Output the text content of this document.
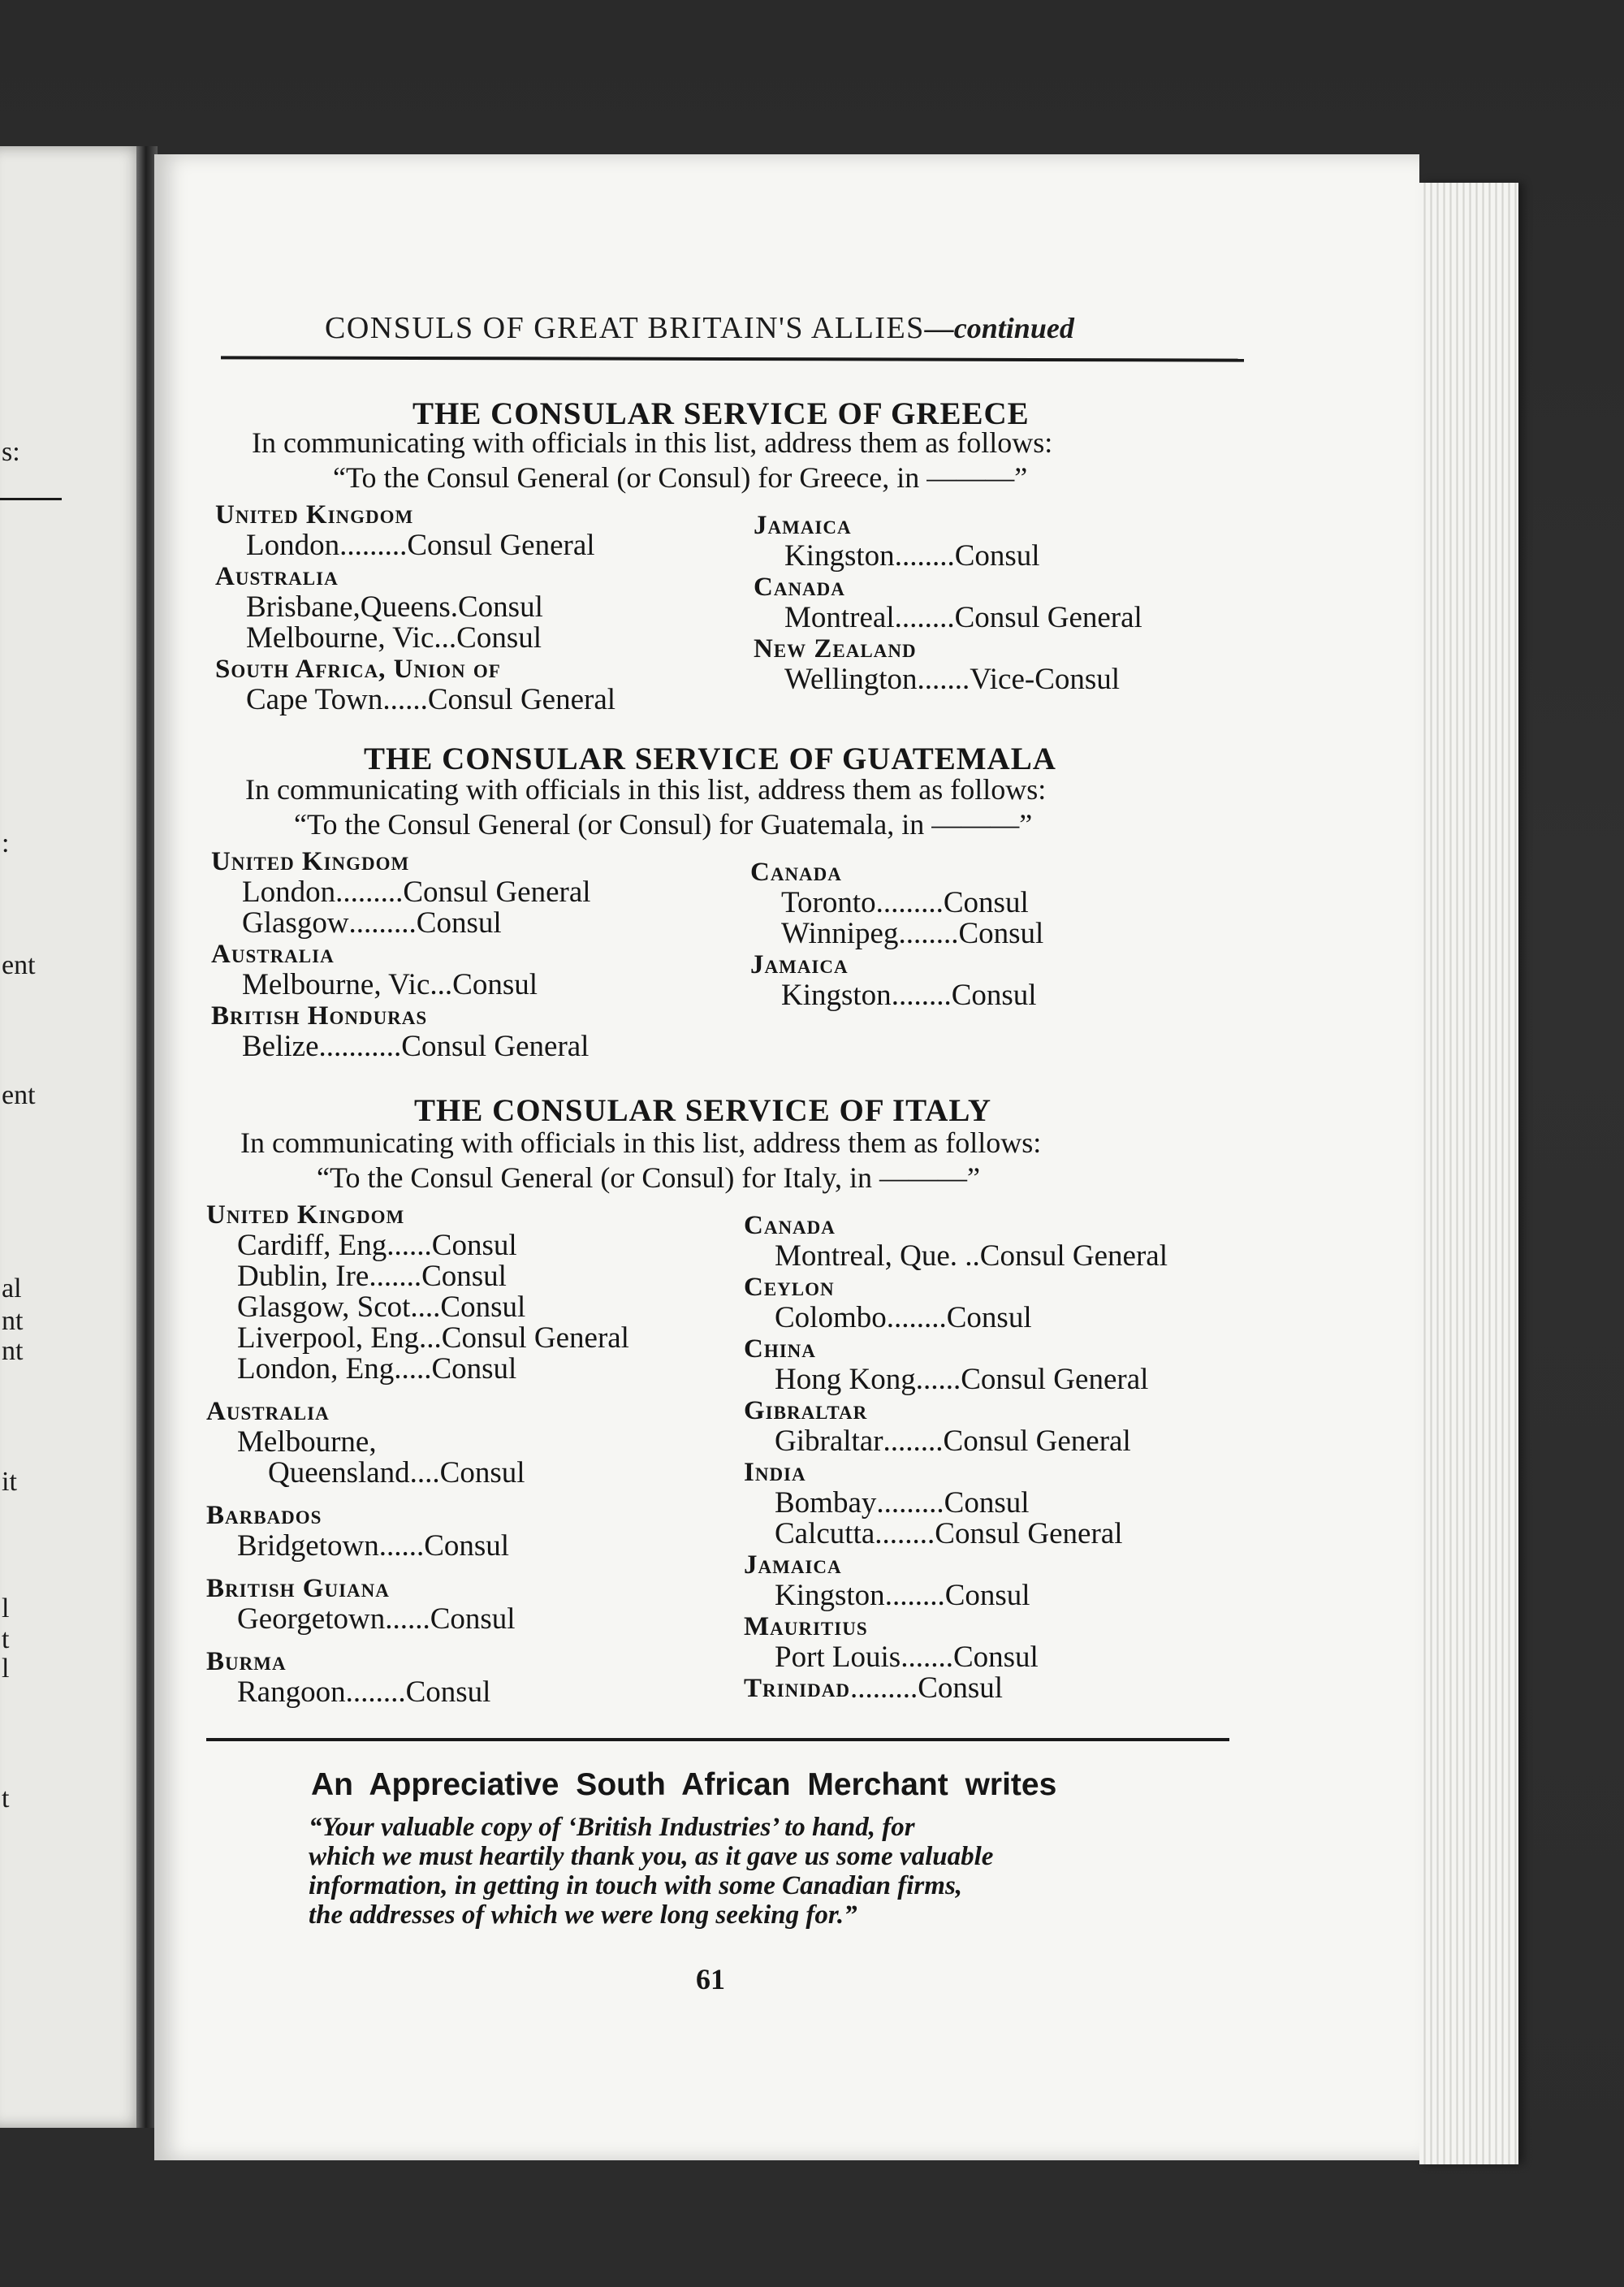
s:
:
ent
ent
al
nt
nt
it
l
t
l
t
CONSULS OF GREAT BRITAIN'S ALLIES—continued
THE CONSULAR SERVICE OF GREECE
In communicating with officials in this list, address them as follows:
“To the Consul General (or Consul) for Greece, in ———”
United Kingdom
London ......... Consul General
Australia
Brisbane,Queens. Consul
Melbourne, Vic ... Consul
South Africa, Union of
Cape Town ...... Consul General
Jamaica
Kingston ........ Consul
Canada
Montreal ........ Consul General
New Zealand
Wellington ....... Vice-Consul
THE CONSULAR SERVICE OF GUATEMALA
In communicating with officials in this list, address them as follows:
“To the Consul General (or Consul) for Guatemala, in ———”
United Kingdom
London ......... Consul General
Glasgow ......... Consul
Australia
Melbourne, Vic ... Consul
British Honduras
Belize ........... Consul General
Canada
Toronto ......... Consul
Winnipeg ........ Consul
Jamaica
Kingston ........ Consul
THE CONSULAR SERVICE OF ITALY
In communicating with officials in this list, address them as follows:
“To the Consul General (or Consul) for Italy, in ———”
United Kingdom
Cardiff, Eng ...... Consul
Dublin, Ire ....... Consul
Glasgow, Scot .... Consul
Liverpool, Eng ... Consul General
London, Eng ..... Consul
Australia
Melbourne,
Queensland .... Consul
Barbados
Bridgetown ...... Consul
British Guiana
Georgetown ...... Consul
Burma
Rangoon ........ Consul
Canada
Montreal, Que . .. Consul General
Ceylon
Colombo ........ Consul
China
Hong Kong ...... Consul General
Gibraltar
Gibraltar ........ Consul General
India
Bombay ......... Consul
Calcutta ........ Consul General
Jamaica
Kingston ........ Consul
Mauritius
Port Louis ....... Consul
Trinidad ......... Consul
An Appreciative South African Merchant writes
“Your valuable copy of ‘British Industries’ to hand, for
which we must heartily thank you, as it gave us some valuable
information, in getting in touch with some Canadian firms,
the addresses of which we were long seeking for.”
61
